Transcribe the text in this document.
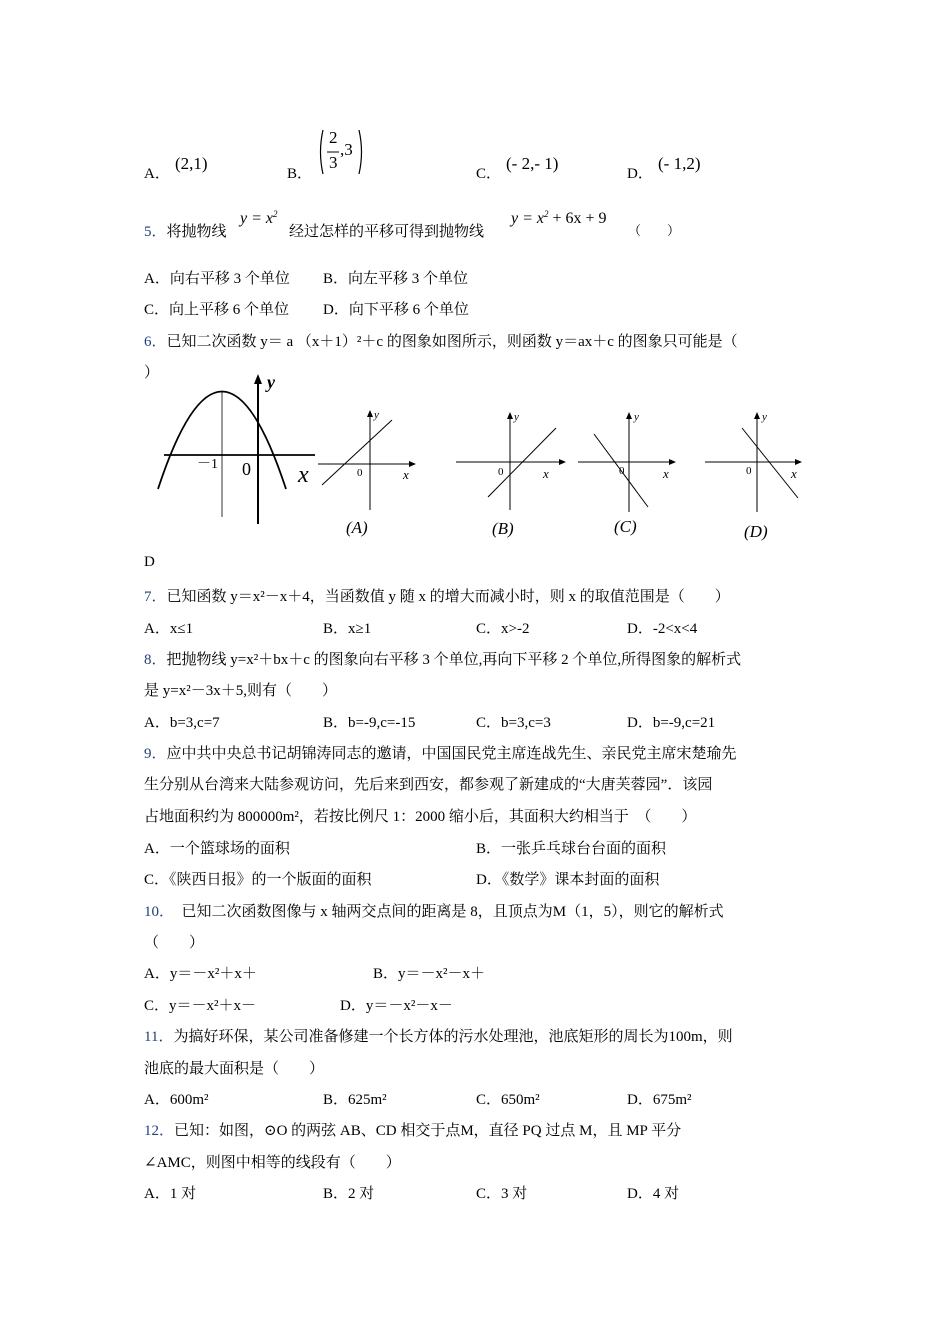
A．
(2,1)
B．
2
3
,3
C．
(- 2,- 1)
D．
(- 1,2)
5．将抛物线
$y = x^2$
经过怎样的平移可得到抛物线
$y = x^2 + 6x + 9$
（　　）
A．向右平移 3 个单位 B．向左平移 3 个单位
C．向上平移 6 个单位 D．向下平移 6 个单位
6．已知二次函数 y＝ a （x＋1）²＋c 的图象如图所示，则函数 y＝ax＋c 的图象只可能是（
）	y
x
－1 0
y
x
0
(A)
y
x
0
(B)
y
x
0
(C)
y
x
0
(D)
D
7．已知函数 y＝x²－x＋4，当函数值 y 随 x 的增大而减小时，则 x 的取值范围是（　　）
A．x≤1	B．x≥1	C．x>-2	D．-2<x<4
8．把抛物线 y=x²＋bx＋c 的图象向右平移 3 个单位,再向下平移 2 个单位,所得图象的解析式
是 y=x²－3x＋5,则有（　　）
A．b=3,c=7	B．b=-9,c=-15	C．b=3,c=3	D．b=-9,c=21
9．应中共中央总书记胡锦涛同志的邀请，中国国民党主席连战先生、亲民党主席宋楚瑜先
生分别从台湾来大陆参观访问，先后来到西安，都参观了新建成的“大唐芙蓉园”．该园
占地面积约为 800000m²，若按比例尺 1：2000 缩小后，其面积大约相当于　（　　）
A．一个篮球场的面积	B．一张乒乓球台台面的面积
C．《陕西日报》的一个版面的面积	D．《数学》课本封面的面积
10．　已知二次函数图像与 x 轴两交点间的距离是 8，且顶点为M（1，5），则它的解析式
（　　）
A．y＝－x²＋x＋	B．y＝－x²－x＋
C．y＝－x²＋x－	D．y＝－x²－x－
11．为搞好环保，某公司准备修建一个长方体的污水处理池，池底矩形的周长为100m，则
池底的最大面积是（　　）
A．600m²	B．625m²	C．650m²	D．675m²
12．已知：如图，⊙O 的两弦 AB、CD 相交于点M，直径 PQ 过点 M，且 MP 平分
∠AMC，则图中相等的线段有（　　）
A．1 对	B．2 对	C．3 对	D．4 对
